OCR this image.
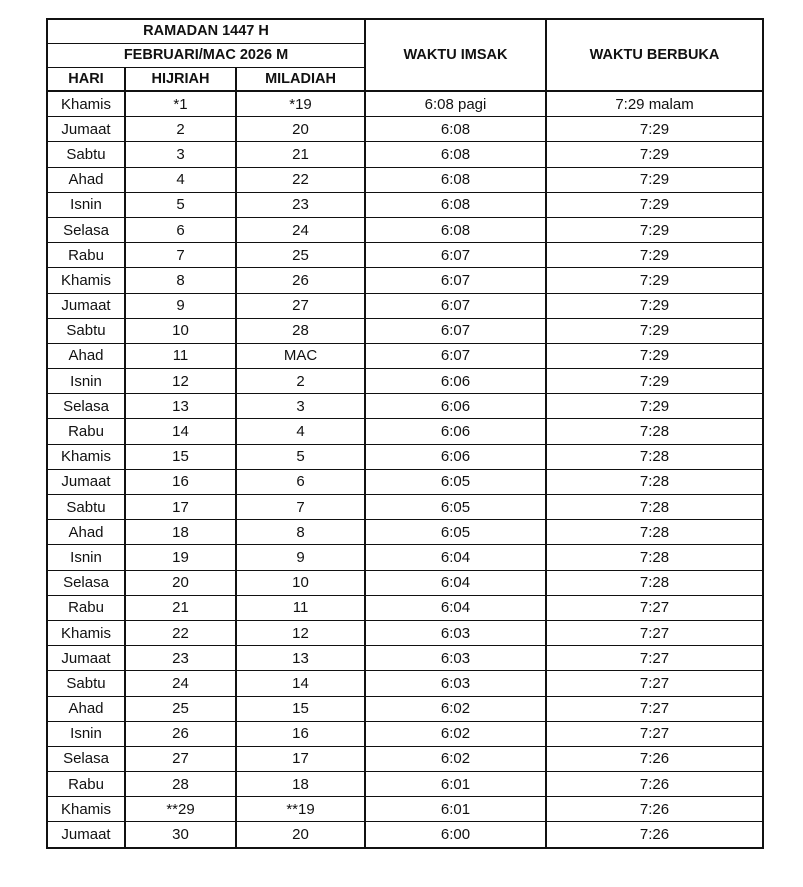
RAMADAN 1447 H			WAKTU IMSAK	WAKTU BERBUKA
FEBRUARI/MAC 2026 M				
HARI	HIJRIAH	MILADIAH		
Khamis	*1	*19	6:08 pagi	7:29 malam
Jumaat	2	20	6:08	7:29
Sabtu	3	21	6:08	7:29
Ahad	4	22	6:08	7:29
Isnin	5	23	6:08	7:29
Selasa	6	24	6:08	7:29
Rabu	7	25	6:07	7:29
Khamis	8	26	6:07	7:29
Jumaat	9	27	6:07	7:29
Sabtu	10	28	6:07	7:29
Ahad	11	MAC	6:07	7:29
Isnin	12	2	6:06	7:29
Selasa	13	3	6:06	7:29
Rabu	14	4	6:06	7:28
Khamis	15	5	6:06	7:28
Jumaat	16	6	6:05	7:28
Sabtu	17	7	6:05	7:28
Ahad	18	8	6:05	7:28
Isnin	19	9	6:04	7:28
Selasa	20	10	6:04	7:28
Rabu	21	11	6:04	7:27
Khamis	22	12	6:03	7:27
Jumaat	23	13	6:03	7:27
Sabtu	24	14	6:03	7:27
Ahad	25	15	6:02	7:27
Isnin	26	16	6:02	7:27
Selasa	27	17	6:02	7:26
Rabu	28	18	6:01	7:26
Khamis	**29	**19	6:01	7:26
Jumaat	30	20	6:00	7:26
